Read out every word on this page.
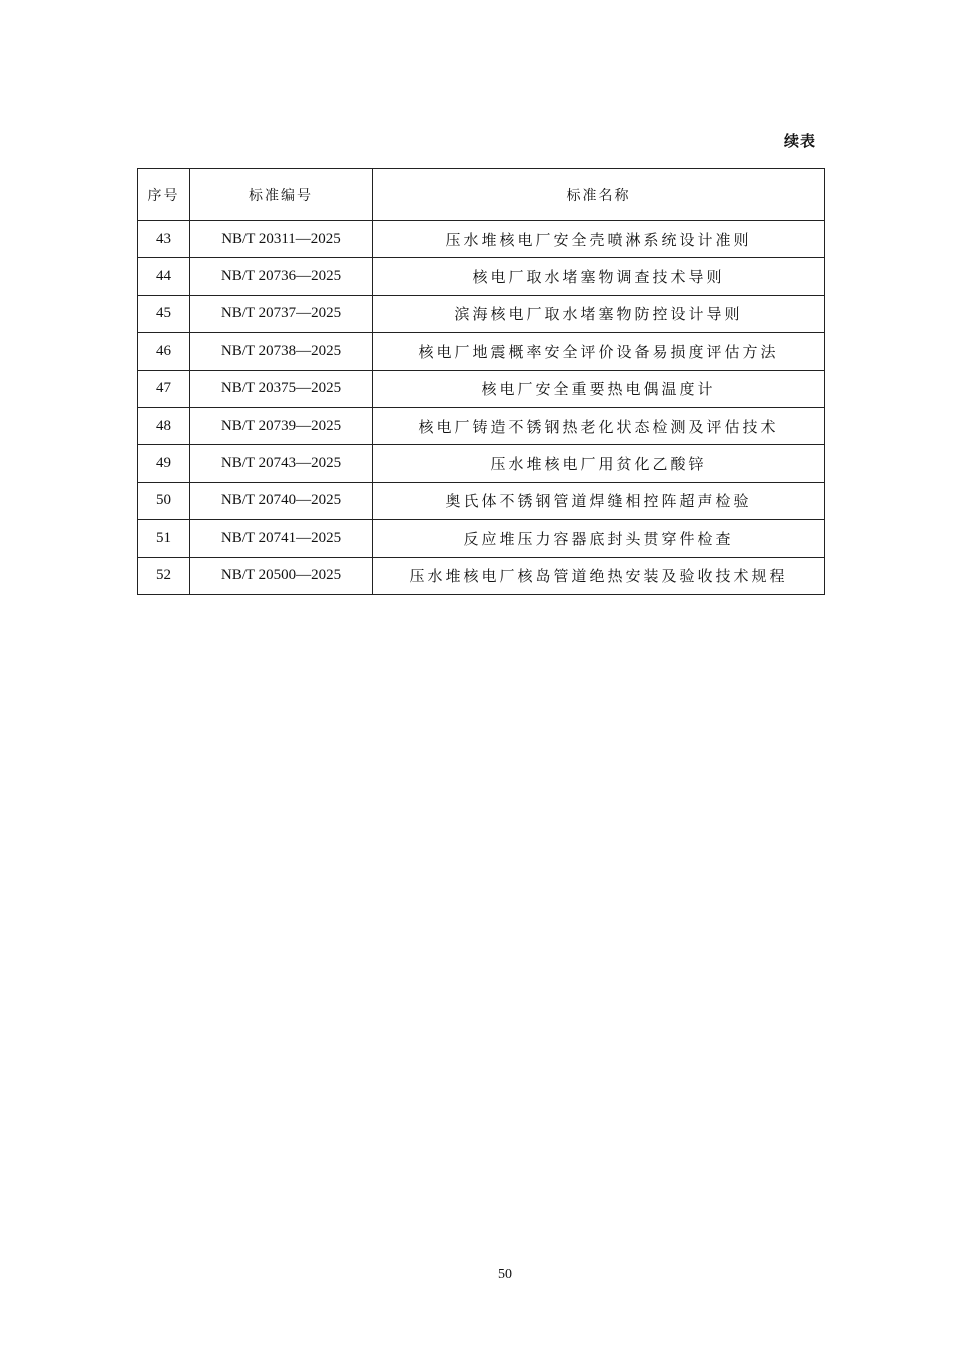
续表
序号	标准编号	标准名称
43	NB/T 20311—2025	压水堆核电厂安全壳喷淋系统设计准则
44	NB/T 20736—2025	核电厂取水堵塞物调查技术导则
45	NB/T 20737—2025	滨海核电厂取水堵塞物防控设计导则
46	NB/T 20738—2025	核电厂地震概率安全评价设备易损度评估方法
47	NB/T 20375—2025	核电厂安全重要热电偶温度计
48	NB/T 20739—2025	核电厂铸造不锈钢热老化状态检测及评估技术
49	NB/T 20743—2025	压水堆核电厂用贫化乙酸锌
50	NB/T 20740—2025	奥氏体不锈钢管道焊缝相控阵超声检验
51	NB/T 20741—2025	反应堆压力容器底封头贯穿件检查
52	NB/T 20500—2025	压水堆核电厂核岛管道绝热安装及验收技术规程
50
